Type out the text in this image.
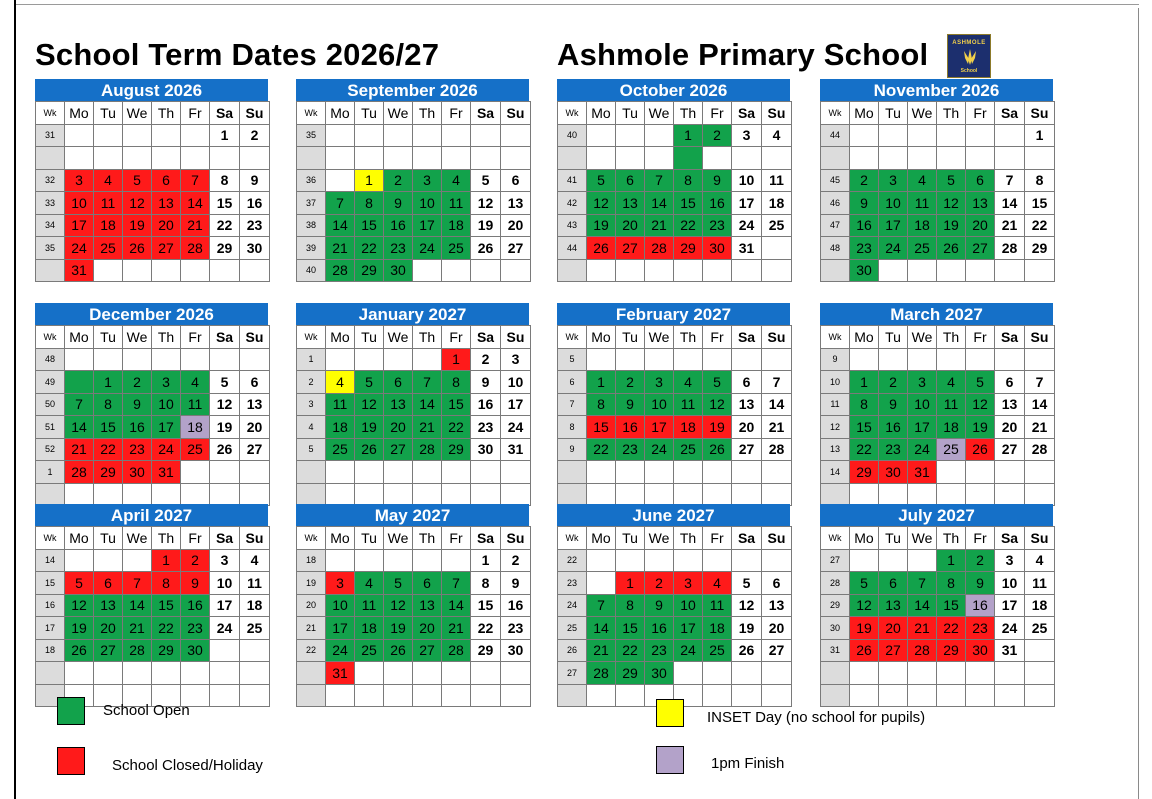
School Term Dates 2026/27	Ashmole Primary School	ASHMOLE
School
August 2026
Wk	Mo	Tu	We	Th	Fr	Sa	Su
31						1	2

32	3	4	5	6	7	8	9
33	10	11	12	13	14	15	16
34	17	18	19	20	21	22	23
35	24	25	26	27	28	29	30
	31						
September 2026
Wk	Mo	Tu	We	Th	Fr	Sa	Su
35							

36		1	2	3	4	5	6
37	7	8	9	10	11	12	13
38	14	15	16	17	18	19	20
39	21	22	23	24	25	26	27
40	28	29	30				
October 2026
Wk	Mo	Tu	We	Th	Fr	Sa	Su
40				1	2	3	4

41	5	6	7	8	9	10	11
42	12	13	14	15	16	17	18
43	19	20	21	22	23	24	25
44	26	27	28	29	30	31	

November 2026
Wk	Mo	Tu	We	Th	Fr	Sa	Su
44							1

45	2	3	4	5	6	7	8
46	9	10	11	12	13	14	15
47	16	17	18	19	20	21	22
48	23	24	25	26	27	28	29
	30						
December 2026
Wk	Mo	Tu	We	Th	Fr	Sa	Su
48							
49		1	2	3	4	5	6
50	7	8	9	10	11	12	13
51	14	15	16	17	18	19	20
52	21	22	23	24	25	26	27
1	28	29	30	31			

January 2027
Wk	Mo	Tu	We	Th	Fr	Sa	Su
1					1	2	3
2	4	5	6	7	8	9	10
3	11	12	13	14	15	16	17
4	18	19	20	21	22	23	24
5	25	26	27	28	29	30	31

February 2027
Wk	Mo	Tu	We	Th	Fr	Sa	Su
5							
6	1	2	3	4	5	6	7
7	8	9	10	11	12	13	14
8	15	16	17	18	19	20	21
9	22	23	24	25	26	27	28

March 2027
Wk	Mo	Tu	We	Th	Fr	Sa	Su
9							
10	1	2	3	4	5	6	7
11	8	9	10	11	12	13	14
12	15	16	17	18	19	20	21
13	22	23	24	25	26	27	28
14	29	30	31				

April 2027
Wk	Mo	Tu	We	Th	Fr	Sa	Su
14				1	2	3	4
15	5	6	7	8	9	10	11
16	12	13	14	15	16	17	18
17	19	20	21	22	23	24	25
18	26	27	28	29	30		

May 2027
Wk	Mo	Tu	We	Th	Fr	Sa	Su
18						1	2
19	3	4	5	6	7	8	9
20	10	11	12	13	14	15	16
21	17	18	19	20	21	22	23
22	24	25	26	27	28	29	30
	31						

June 2027
Wk	Mo	Tu	We	Th	Fr	Sa	Su
22							
23		1	2	3	4	5	6
24	7	8	9	10	11	12	13
25	14	15	16	17	18	19	20
26	21	22	23	24	25	26	27
27	28	29	30				

July 2027
Wk	Mo	Tu	We	Th	Fr	Sa	Su
27				1	2	3	4
28	5	6	7	8	9	10	11
29	12	13	14	15	16	17	18
30	19	20	21	22	23	24	25
31	26	27	28	29	30	31	

School Open
School Closed/Holiday
INSET Day (no school for pupils)
1pm Finish
